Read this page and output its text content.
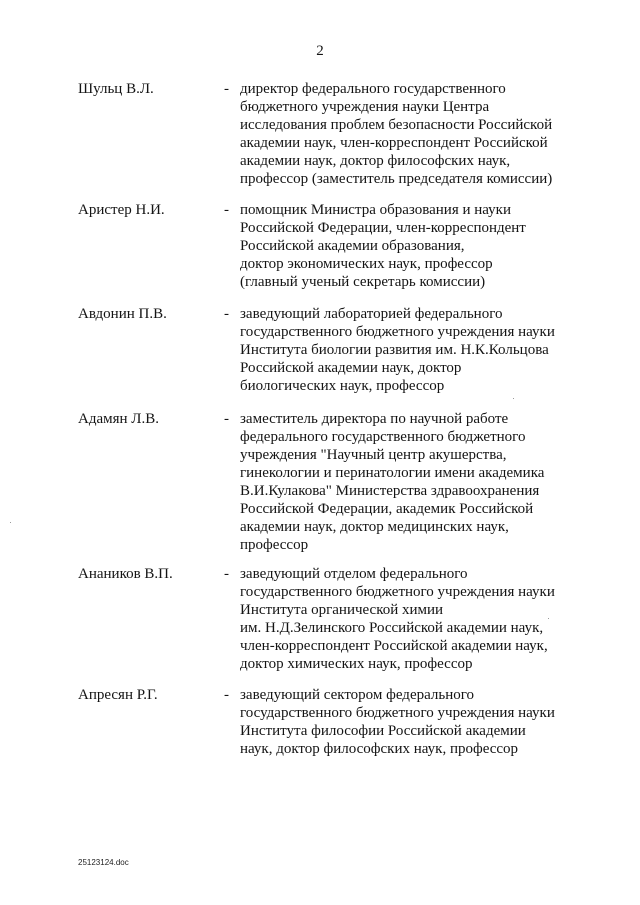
2
Шульц В.Л.	- директор федерального государственного
бюджетного учреждения науки Центра
исследования проблем безопасности Российской
академии наук, член-корреспондент Российской
академии наук, доктор философских наук,
профессор (заместитель председателя комиссии)
Аристер Н.И.	- помощник Министра образования и науки
Российской Федерации, член-корреспондент
Российской академии образования,
доктор экономических наук, профессор
(главный ученый секретарь комиссии)
Авдонин П.В.	- заведующий лабораторией федерального
государственного бюджетного учреждения науки
Института биологии развития им. Н.К.Кольцова
Российской академии наук, доктор
биологических наук, профессор
Адамян Л.В.	- заместитель директора по научной работе
федерального государственного бюджетного
учреждения "Научный центр акушерства,
гинекологии и перинатологии имени академика
В.И.Кулакова" Министерства здравоохранения
Российской Федерации, академик Российской
академии наук, доктор медицинских наук,
профессор
Анаников В.П.	- заведующий отделом федерального
государственного бюджетного учреждения науки
Института органической химии
им. Н.Д.Зелинского Российской академии наук,
член-корреспондент Российской академии наук,
доктор химических наук, профессор
Апресян Р.Г.	- заведующий сектором федерального
государственного бюджетного учреждения науки
Института философии Российской академии
наук, доктор философских наук, профессор
25123124.doc
